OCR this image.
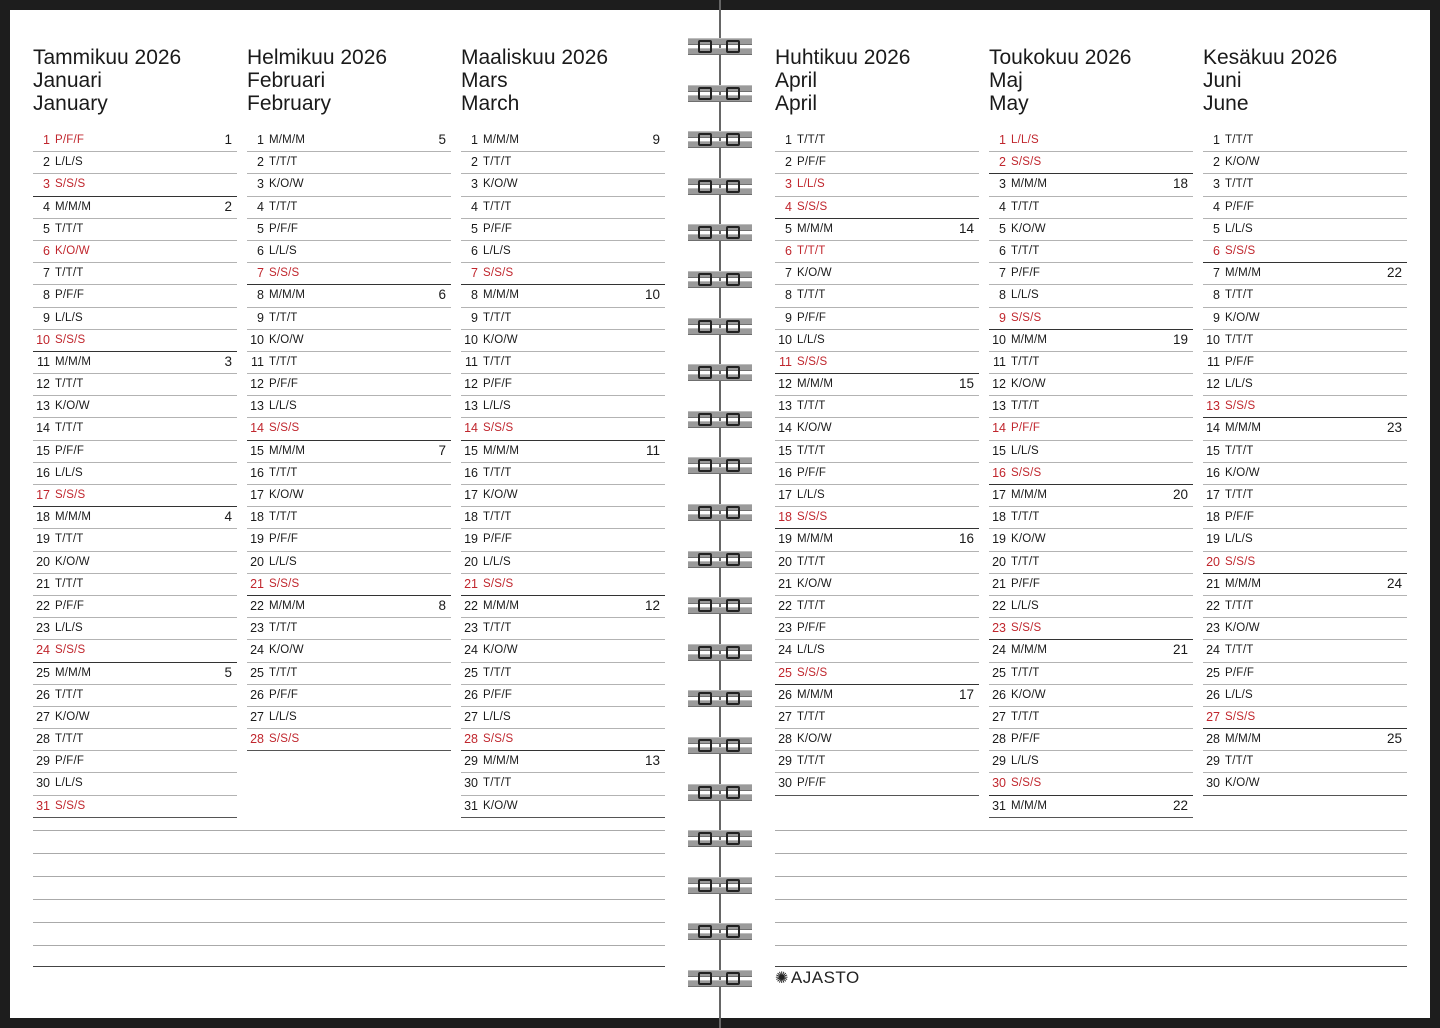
Tammikuu 2026
Januari
January
1 P/F/F	1
2 L/L/S
3 S/S/S
4 M/M/M	2
5 T/T/T
6 K/O/W
7 T/T/T
8 P/F/F
9 L/L/S
10 S/S/S
11 M/M/M	3
12 T/T/T
13 K/O/W
14 T/T/T
15 P/F/F
16 L/L/S
17 S/S/S
18 M/M/M	4
19 T/T/T
20 K/O/W
21 T/T/T
22 P/F/F
23 L/L/S
24 S/S/S
25 M/M/M	5
26 T/T/T
27 K/O/W
28 T/T/T
29 P/F/F
30 L/L/S
31 S/S/S
Helmikuu 2026
Februari
February
1 M/M/M	5
2 T/T/T
3 K/O/W
4 T/T/T
5 P/F/F
6 L/L/S
7 S/S/S
8 M/M/M	6
9 T/T/T
10 K/O/W
11 T/T/T
12 P/F/F
13 L/L/S
14 S/S/S
15 M/M/M	7
16 T/T/T
17 K/O/W
18 T/T/T
19 P/F/F
20 L/L/S
21 S/S/S
22 M/M/M	8
23 T/T/T
24 K/O/W
25 T/T/T
26 P/F/F
27 L/L/S
28 S/S/S
Maaliskuu 2026
Mars
March
1 M/M/M	9
2 T/T/T
3 K/O/W
4 T/T/T
5 P/F/F
6 L/L/S
7 S/S/S
8 M/M/M	10
9 T/T/T
10 K/O/W
11 T/T/T
12 P/F/F
13 L/L/S
14 S/S/S
15 M/M/M	11
16 T/T/T
17 K/O/W
18 T/T/T
19 P/F/F
20 L/L/S
21 S/S/S
22 M/M/M	12
23 T/T/T
24 K/O/W
25 T/T/T
26 P/F/F
27 L/L/S
28 S/S/S
29 M/M/M	13
30 T/T/T
31 K/O/W
✺ AJASTO
Huhtikuu 2026
April
April
1 T/T/T
2 P/F/F
3 L/L/S
4 S/S/S
5 M/M/M	14
6 T/T/T
7 K/O/W
8 T/T/T
9 P/F/F
10 L/L/S
11 S/S/S
12 M/M/M	15
13 T/T/T
14 K/O/W
15 T/T/T
16 P/F/F
17 L/L/S
18 S/S/S
19 M/M/M	16
20 T/T/T
21 K/O/W
22 T/T/T
23 P/F/F
24 L/L/S
25 S/S/S
26 M/M/M	17
27 T/T/T
28 K/O/W
29 T/T/T
30 P/F/F
Toukokuu 2026
Maj
May
1 L/L/S
2 S/S/S
3 M/M/M	18
4 T/T/T
5 K/O/W
6 T/T/T
7 P/F/F
8 L/L/S
9 S/S/S
10 M/M/M	19
11 T/T/T
12 K/O/W
13 T/T/T
14 P/F/F
15 L/L/S
16 S/S/S
17 M/M/M	20
18 T/T/T
19 K/O/W
20 T/T/T
21 P/F/F
22 L/L/S
23 S/S/S
24 M/M/M	21
25 T/T/T
26 K/O/W
27 T/T/T
28 P/F/F
29 L/L/S
30 S/S/S
31 M/M/M	22
Kesäkuu 2026
Juni
June
1 T/T/T
2 K/O/W
3 T/T/T
4 P/F/F
5 L/L/S
6 S/S/S
7 M/M/M	22
8 T/T/T
9 K/O/W
10 T/T/T
11 P/F/F
12 L/L/S
13 S/S/S
14 M/M/M	23
15 T/T/T
16 K/O/W
17 T/T/T
18 P/F/F
19 L/L/S
20 S/S/S
21 M/M/M	24
22 T/T/T
23 K/O/W
24 T/T/T
25 P/F/F
26 L/L/S
27 S/S/S
28 M/M/M	25
29 T/T/T
30 K/O/W
